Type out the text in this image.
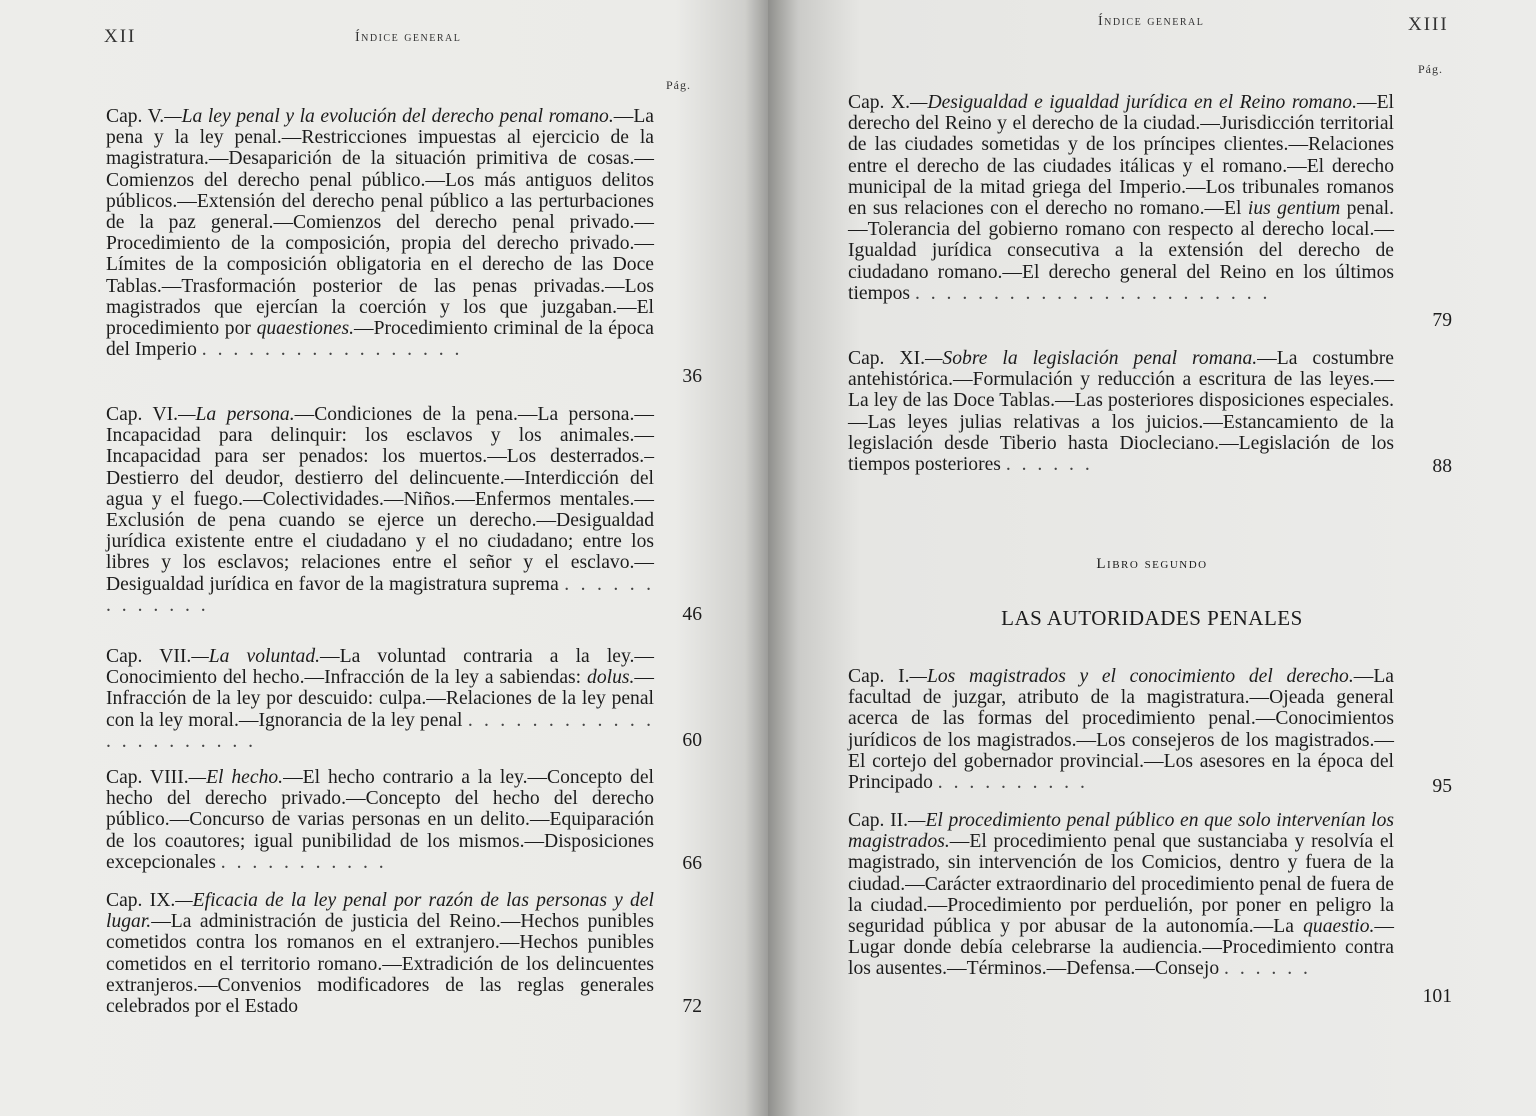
XII	Índice general
Pág.
Cap. V.—La ley penal y la evolución del derecho penal romano.—La pena y la ley penal.—Restricciones impuestas al ejercicio de la magistratura.—Desaparición de la situación primitiva de cosas.—Comienzos del derecho penal público.—Los más antiguos delitos públicos.—Extensión del derecho penal público a las perturbaciones de la paz general.—Comienzos del derecho penal privado.—Procedimiento de la composición, propia del derecho privado.—Límites de la composición obligatoria en el derecho de las Doce Tablas.—Trasformación posterior de las penas privadas.—Los magistrados que ejercían la coerción y los que juzgaban.—El procedimiento por quaestiones.—Procedimiento criminal de la época del Imperio . . . . . . . . . . . . . . . . .
36
Cap. VI.—La persona.—Condiciones de la pena.—La persona.—Incapacidad para delinquir: los esclavos y los animales.—Incapacidad para ser penados: los muertos.—Los desterrados.–Destierro del deudor, destierro del delincuente.—Interdicción del agua y el fuego.—Colectividades.—Niños.—Enfermos mentales.—Exclusión de pena cuando se ejerce un derecho.—Desigualdad jurídica existente entre el ciudadano y el no ciudadano; entre los libres y los esclavos; relaciones entre el señor y el esclavo.—Desigualdad jurídica en favor de la magistratura suprema . . . . . . . . . . . . .	46
Cap. VII.—La voluntad.—La voluntad contraria a la ley.—Conocimiento del hecho.—Infracción de la ley a sabiendas: dolus.—Infracción de la ley por descuido: culpa.—Relaciones de la ley penal con la ley moral.—Ignorancia de la ley penal . . . . . . . . . . . . . . . . . . . . . .	60
Cap. VIII.—El hecho.—El hecho contrario a la ley.—Concepto del hecho del derecho privado.—Concepto del hecho del derecho público.—Concurso de varias personas en un delito.—Equiparación de los coautores; igual punibilidad de los mismos.—Disposiciones excepcionales . . . . . . . . . . .	66
Cap. IX.—Eficacia de la ley penal por razón de las personas y del lugar.—La administración de justicia del Reino.—Hechos punibles cometidos contra los romanos en el extranjero.—Hechos punibles cometidos en el territorio romano.—Extradición de los delincuentes extranjeros.—Convenios modificadores de las reglas generales celebrados por el Estado	72
Índice general	XIII
Pág.
Cap. X.—Desigualdad e igualdad jurídica en el Reino romano.—El derecho del Reino y el derecho de la ciudad.—Jurisdicción territorial de las ciudades sometidas y de los príncipes clientes.—Relaciones entre el derecho de las ciudades itálicas y el romano.—El derecho municipal de la mitad griega del Imperio.—Los tribunales romanos en sus relaciones con el derecho no romano.—El ius gentium penal.—Tolerancia del gobierno romano con respecto al derecho local.—Igualdad jurídica consecutiva a la extensión del derecho de ciudadano romano.—El derecho general del Reino en los últimos tiempos . . . . . . . . . . . . . . . . . . . . . . .
79
Cap. XI.—Sobre la legislación penal romana.—La costumbre antehistórica.—Formulación y reducción a escritura de las leyes.—La ley de las Doce Tablas.—Las posteriores disposiciones especiales.—Las leyes julias relativas a los juicios.—Estancamiento de la legislación desde Tiberio hasta Diocleciano.—Legislación de los tiempos posteriores . . . . . .	88
Libro segundo
LAS AUTORIDADES PENALES
Cap. I.—Los magistrados y el conocimiento del derecho.—La facultad de juzgar, atributo de la magistratura.—Ojeada general acerca de las formas del procedimiento penal.—Conocimientos jurídicos de los magistrados.—Los consejeros de los magistrados.—El cortejo del gobernador provincial.—Los asesores en la época del Principado . . . . . . . . . .	95
Cap. II.—El procedimiento penal público en que solo intervenían los magistrados.—El procedimiento penal que sustanciaba y resolvía el magistrado, sin intervención de los Comicios, dentro y fuera de la ciudad.—Carácter extraordinario del procedimiento penal de fuera de la ciudad.—Procedimiento por perduelión, por poner en peligro la seguridad pública y por abusar de la autonomía.—La quaestio.—Lugar donde debía celebrarse la audiencia.—Procedimiento contra los ausentes.—Términos.—Defensa.—Consejo . . . . . .
101
